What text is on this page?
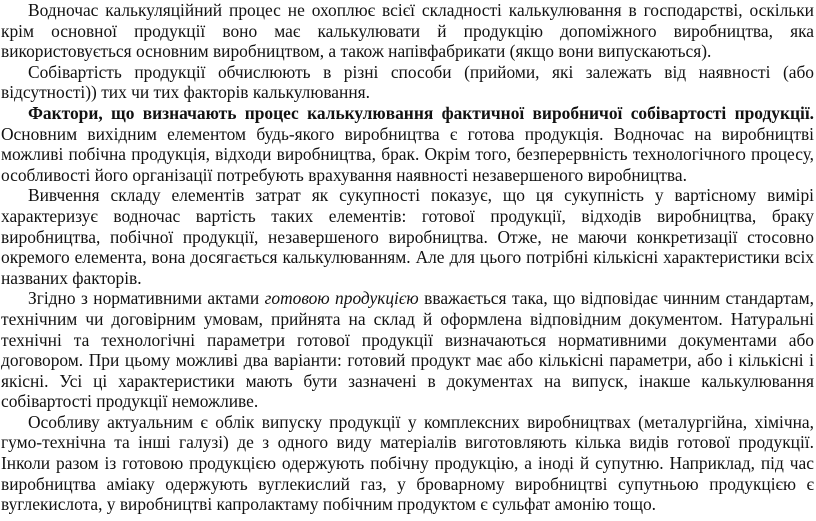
Водночас калькуляційний процес не охоплює всієї складності калькулювання в господарстві, оскільки крім основної продукції воно має калькулювати й продукцію допоміжного виробництва, яка використовується основним виробництвом, а також напівфабрикати (якщо вони випускаються).

Собівартість продукції обчислюють в різні способи (прийоми, які залежать від наявності (або відсутності)) тих чи тих факторів калькулювання.

Фактори, що визначають процес калькулювання фактичної виробничої собівартості продукції. Основним вихідним елементом будь-якого виробництва є готова продукція. Водночас на виробництві можливі побічна продукція, відходи виробництва, брак. Окрім того, безперервність технологічного процесу, особливості його організації потребують врахування наявності незавершеного виробництва.

Вивчення складу елементів затрат як сукупності показує, що ця сукупність у вартісному вимірі характеризує водночас вартість таких елементів: готової продукції, відходів виробництва, браку виробництва, побічної продукції, незавершеного виробництва. Отже, не маючи конкретизації стосовно окремого елемента, вона досягається калькулюванням. Але для цього потрібні кількісні характеристики всіх названих факторів.

Згідно з нормативними актами готовою продукцією вважається така, що відповідає чинним стандартам, технічним чи договірним умовам, прийнята на склад й оформлена відповідним документом. Натуральні технічні та технологічні параметри готової продукції визначаються нормативними документами або договором. При цьому можливі два варіанти: готовий продукт має або кількісні параметри, або і кількісні і якісні. Усі ці характеристики мають бути зазначені в документах на випуск, інакше калькулювання собівартості продукції неможливе.

Особливу актуальним є облік випуску продукції у комплексних виробництвах (металургійна, хімічна, гумо-технічна та інші галузі) де з одного виду матеріалів виготовляють кілька видів готової продукції. Інколи разом із готовою продукцією одержують побічну продукцію, а іноді й супутню. Наприклад, під час виробництва аміаку одержують вуглекислий газ, у бровaрному виробництві супутньою продукцією є вуглекислота, у виробництві капролактаму побічним продуктом є сульфат амонію тощо.
